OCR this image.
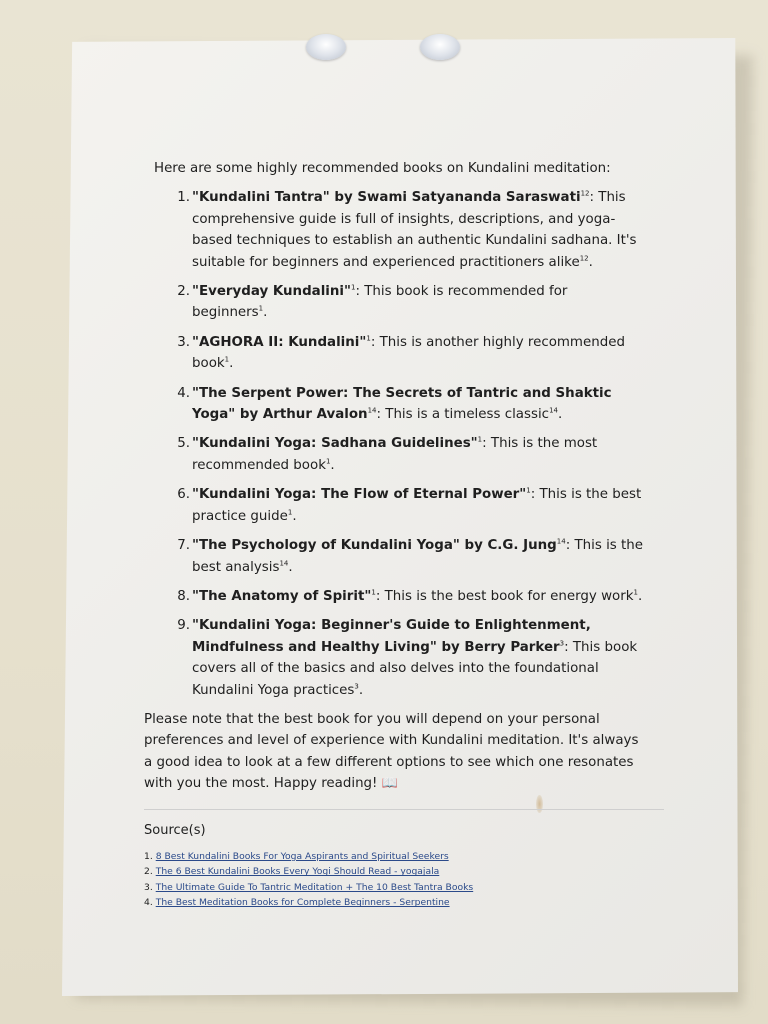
Here are some highly recommended books on Kundalini meditation:

1. "Kundalini Tantra" by Swami Satyananda Saraswati$^{12}$: This comprehensive guide is full of insights, descriptions, and yoga-based techniques to establish an authentic Kundalini sadhana. It's suitable for beginners and experienced practitioners alike$^{12}$.
2. "Everyday Kundalini"$^1$: This book is recommended for beginners$^1$.
3. "AGHORA II: Kundalini"$^1$: This is another highly recommended book$^1$.
4. "The Serpent Power: The Secrets of Tantric and Shaktic Yoga" by Arthur Avalon$^{14}$: This is a timeless classic$^{14}$.
5. "Kundalini Yoga: Sadhana Guidelines"$^1$: This is the most recommended book$^1$.
6. "Kundalini Yoga: The Flow of Eternal Power"$^1$: This is the best practice guide$^1$.
7. "The Psychology of Kundalini Yoga" by C.G. Jung$^{14}$: This is the best analysis$^{14}$.
8. "The Anatomy of Spirit"$^1$: This is the best book for energy work$^1$.
9. "Kundalini Yoga: Beginner's Guide to Enlightenment, Mindfulness and Healthy Living" by Berry Parker$^3$: This book covers all of the basics and also delves into the foundational Kundalini Yoga practices$^3$.

Please note that the best book for you will depend on your personal preferences and level of experience with Kundalini meditation. It's always a good idea to look at a few different options to see which one resonates with you the most. Happy reading! 📖

Source(s)

1. 8 Best Kundalini Books For Yoga Aspirants and Spiritual Seekers
2. The 6 Best Kundalini Books Every Yogi Should Read - yogajala
3. The Ultimate Guide To Tantric Meditation + The 10 Best Tantra Books
4. The Best Meditation Books for Complete Beginners - Serpentine
